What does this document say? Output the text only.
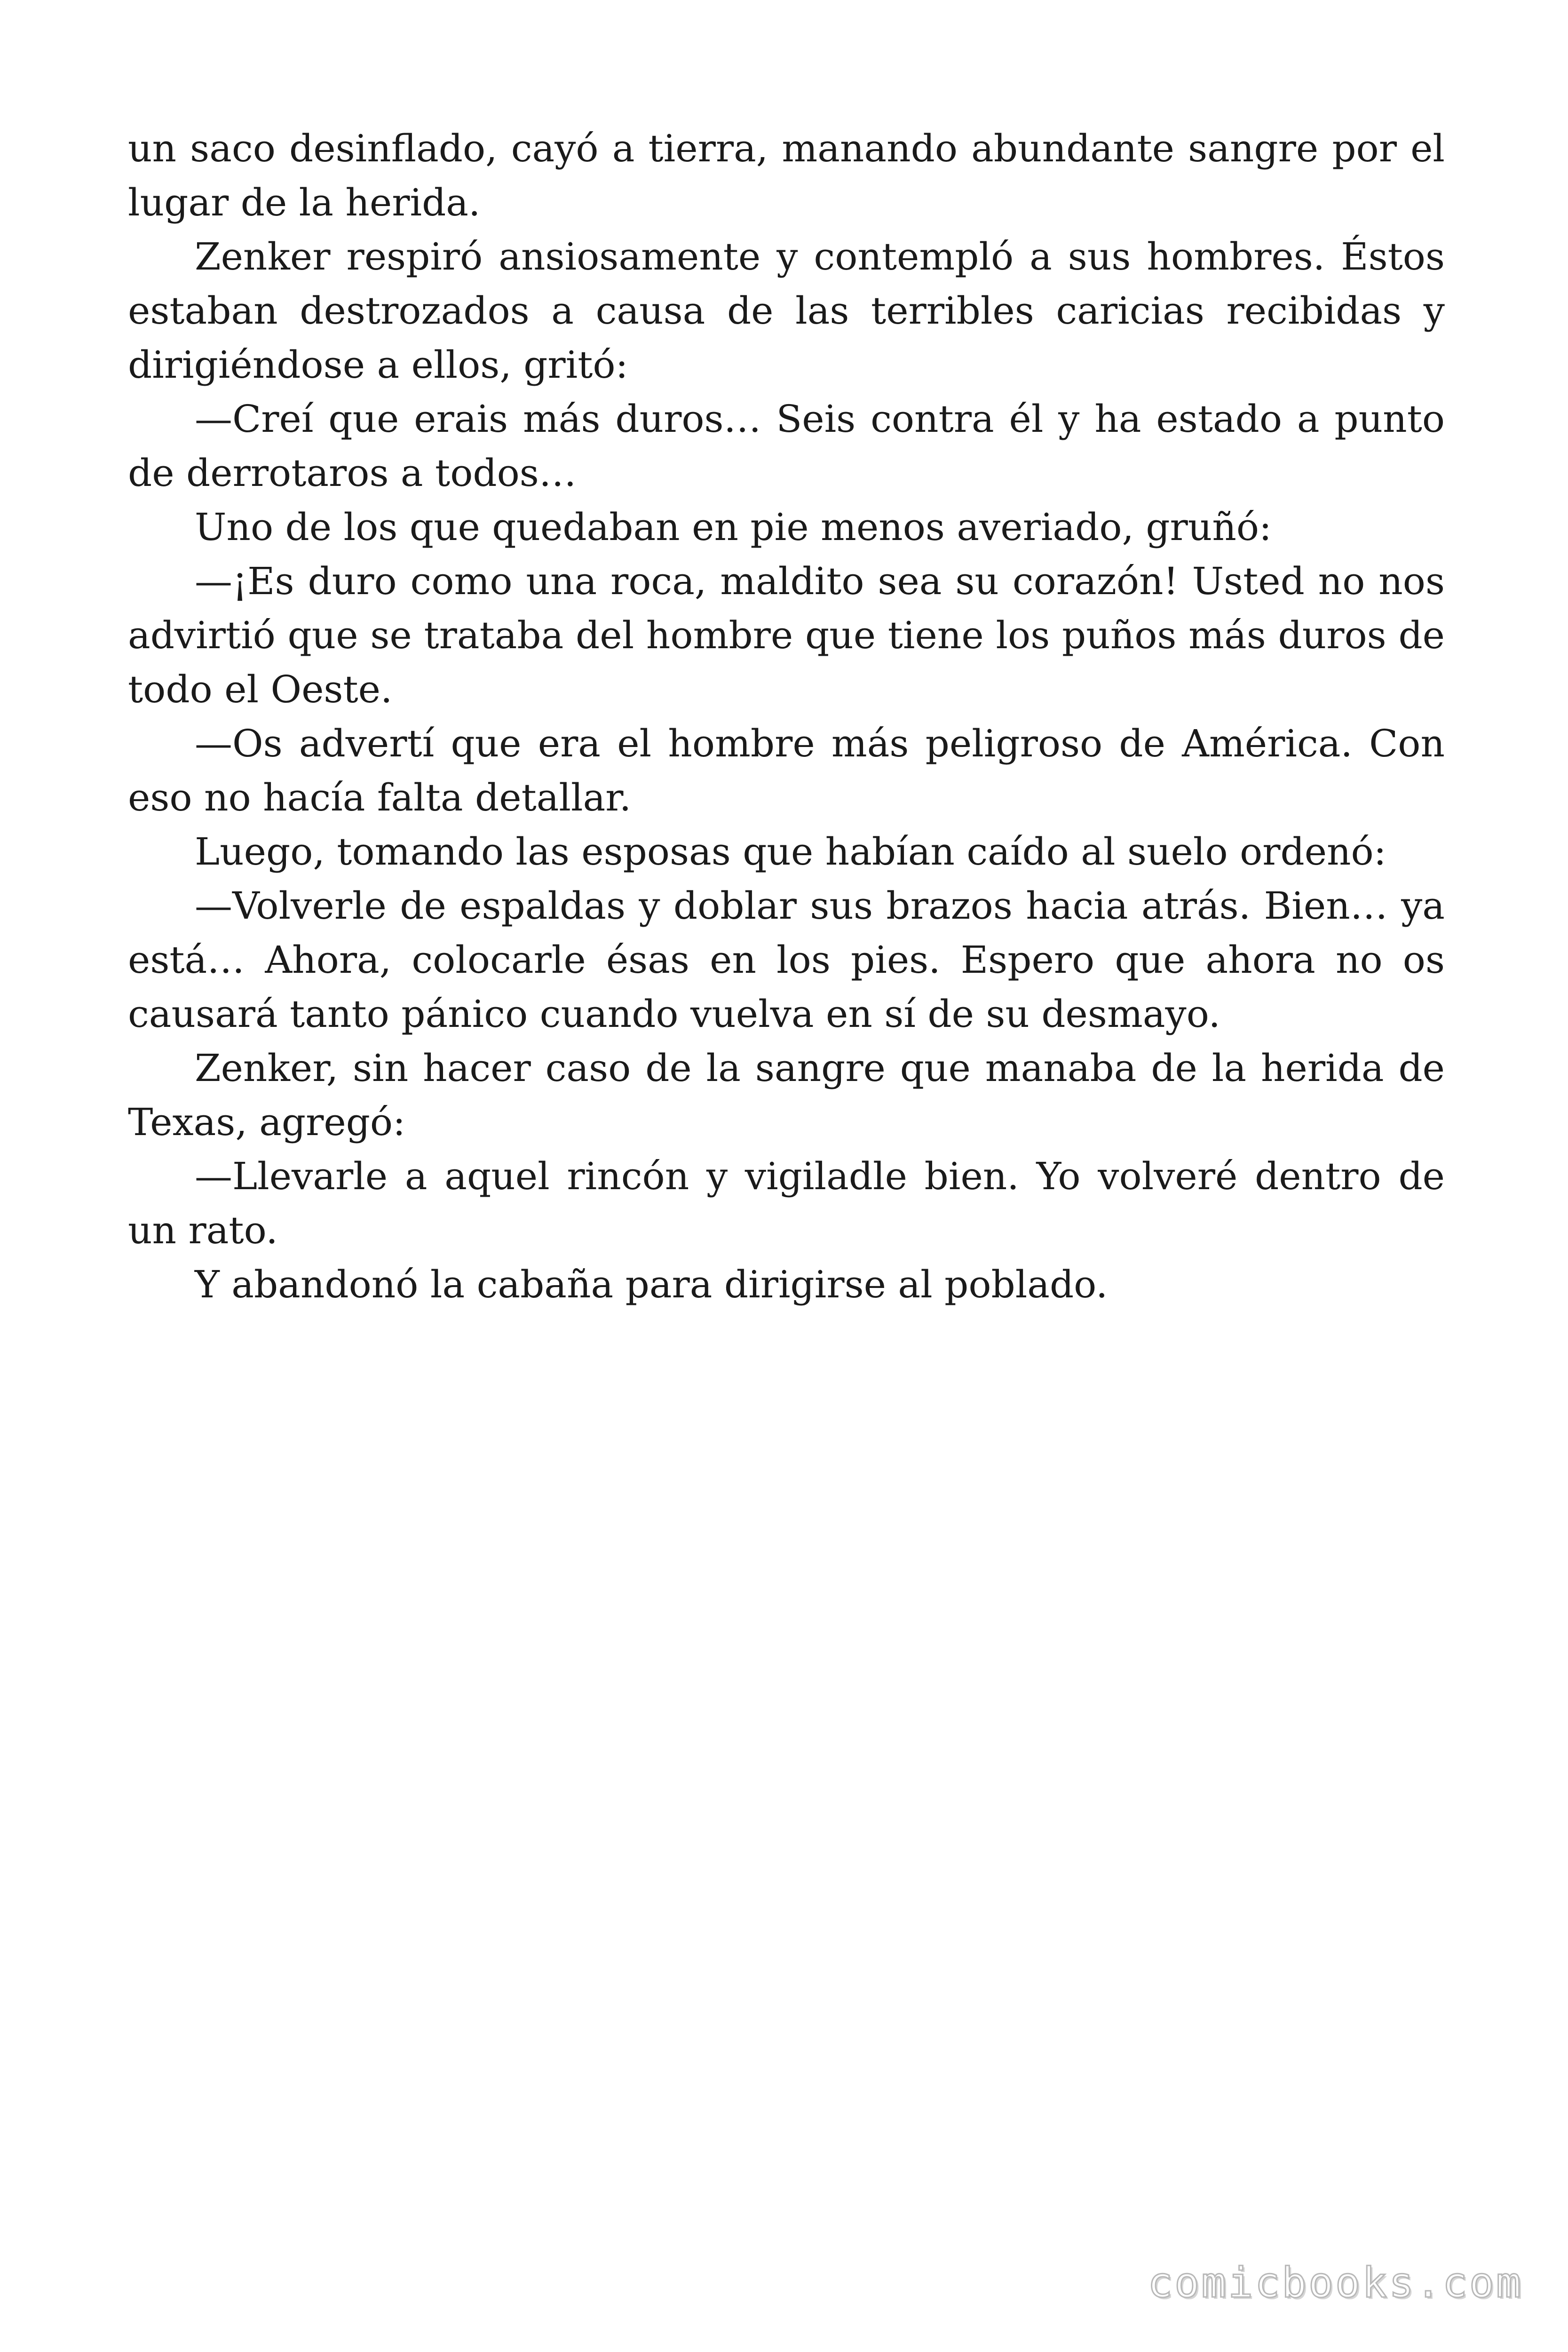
un saco desinflado, cayó a tierra, manando abundante sangre por el lugar de la herida.

Zenker respiró ansiosamente y contempló a sus hombres. Éstos estaban destrozados a causa de las terribles caricias recibidas y dirigiéndose a ellos, gritó:

—Creí que erais más duros… Seis contra él y ha estado a punto de derrotaros a todos…

Uno de los que quedaban en pie menos averiado, gruñó:

—¡Es duro como una roca, maldito sea su corazón! Usted no nos advirtió que se trataba del hombre que tiene los puños más duros de todo el Oeste.

—Os advertí que era el hombre más peligroso de América. Con eso no hacía falta detallar.

Luego, tomando las esposas que habían caído al suelo ordenó:

—Volverle de espaldas y doblar sus brazos hacia atrás. Bien… ya está… Ahora, colocarle ésas en los pies. Espero que ahora no os causará tanto pánico cuando vuelva en sí de su desmayo.

Zenker, sin hacer caso de la sangre que manaba de la herida de Texas, agregó:

—Llevarle a aquel rincón y vigiladle bien. Yo volveré dentro de un rato.

Y abandonó la cabaña para dirigirse al poblado.

comicbooks.com
